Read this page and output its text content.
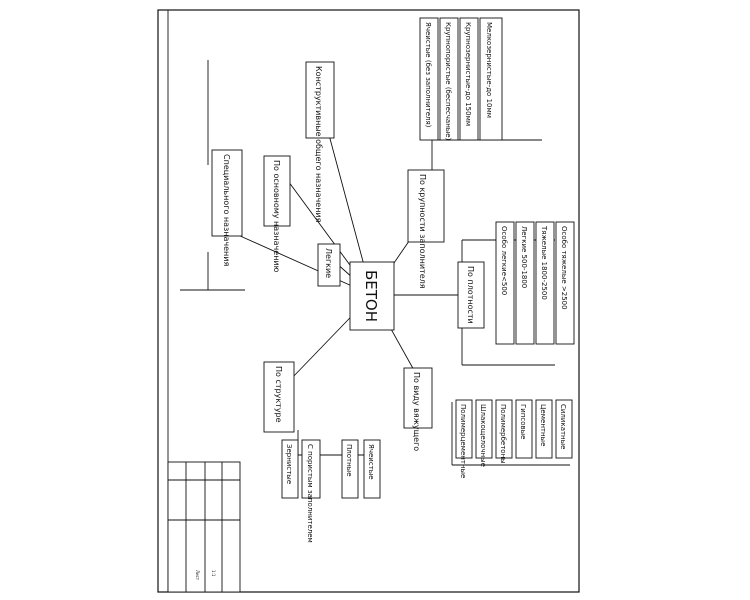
Лист	1:1
БЕТОН
По крупности заполнителя
Мелкозернистые-до 10мм
Крупнозернистые-до 150мм
Крупнопористые (беспесчаные)
Ячеистые (без заполнителя)
По плотности	Особо тяжелые >2500
Тяжелые 1800-2500
Легкие 500-1800
Особо легкие<500
По виду вяжущего	Силикатные
Цементные
Гипсовые
Полимербетоны
Шлакощелочные
Полимерцементные
По структуре
С пористым заполнителем
Зернистые	Плотные Ячеистые
Специального назначения	По основному назначению	Конструктивные общего назначения
Легкие
